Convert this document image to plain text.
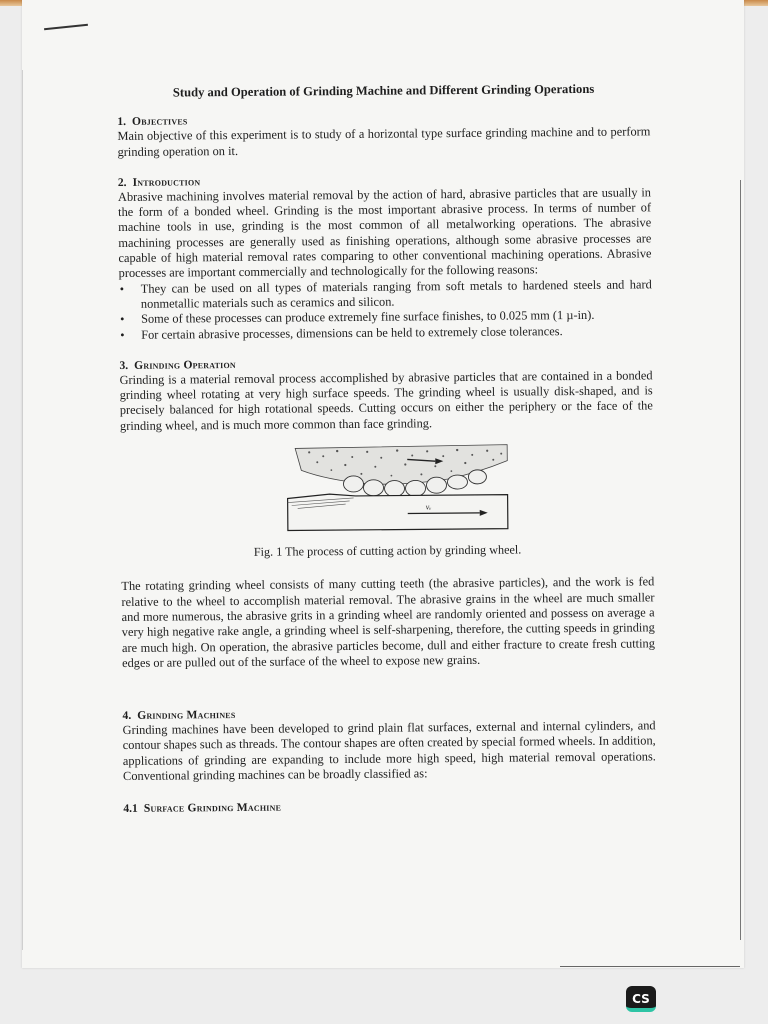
Study and Operation of Grinding Machine and Different Grinding Operations
1. Objectives

Main objective of this experiment is to study of a horizontal type surface grinding machine and to perform grinding operation on it.

2. Introduction

Abrasive machining involves material removal by the action of hard, abrasive particles that are usually in the form of a bonded wheel. Grinding is the most important abrasive process. In terms of number of machine tools in use, grinding is the most common of all metalworking operations. The abrasive machining processes are generally used as finishing operations, although some abrasive processes are capable of high material removal rates comparing to other conventional machining operations. Abrasive processes are important commercially and technologically for the following reasons:

• They can be used on all types of materials ranging from soft metals to hardened steels and hard nonmetallic materials such as ceramics and silicon.
• Some of these processes can produce extremely fine surface finishes, to 0.025 mm (1 µ-in).
• For certain abrasive processes, dimensions can be held to extremely close tolerances.
3. Grinding Operation

Grinding is a material removal process accomplished by abrasive particles that are contained in a bonded grinding wheel rotating at very high surface speeds. The grinding wheel is usually disk-shaped, and is precisely balanced for high rotational speeds. Cutting occurs on either the periphery or the face of the grinding wheel, and is much more common than face grinding.

vᵥ
Fig. 1 The process of cutting action by grinding wheel.

The rotating grinding wheel consists of many cutting teeth (the abrasive particles), and the work is fed relative to the wheel to accomplish material removal. The abrasive grains in the wheel are much smaller and more numerous, the abrasive grits in a grinding wheel are randomly oriented and possess on average a very high negative rake angle, a grinding wheel is self-sharpening, therefore, the cutting speeds in grinding are much high. On operation, the abrasive particles become, dull and either fracture to create fresh cutting edges or are pulled out of the surface of the wheel to expose new grains.

4. Grinding Machines

Grinding machines have been developed to grind plain flat surfaces, external and internal cylinders, and contour shapes such as threads. The contour shapes are often created by special formed wheels. In addition, applications of grinding are expanding to include more high speed, high material removal operations. Conventional grinding machines can be broadly classified as:

4.1 Surface Grinding Machine
CS
